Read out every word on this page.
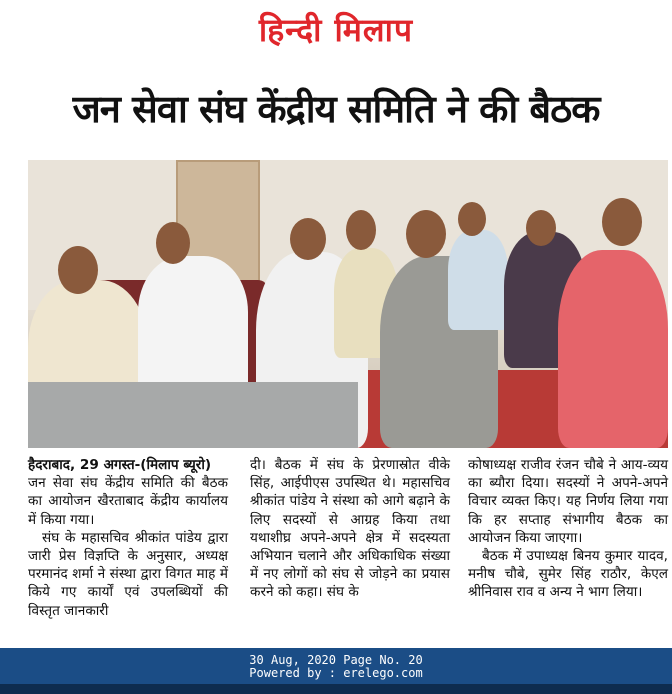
हिन्दी मिलाप
जन सेवा संघ केंद्रीय समिति ने की बैठक

हैदराबाद, 29 अगस्त-(मिलाप ब्यूरो)
जन सेवा संघ केंद्रीय समिति की बैठक का आयोजन खैरताबाद केंद्रीय कार्यालय में किया गया।

संघ के महासचिव श्रीकांत पांडेय द्वारा जारी प्रेस विज्ञप्ति के अनुसार, अध्यक्ष परमानंद शर्मा ने संस्था द्वारा विगत माह में किये गए कार्यों एवं उपलब्धियों की विस्तृत जानकारी

दी। बैठक में संघ के प्रेरणास्रोत वीके सिंह, आईपीएस उपस्थित थे। महासचिव श्रीकांत पांडेय ने संस्था को आगे बढ़ाने के लिए सदस्यों से आग्रह किया तथा यथाशीघ्र अपने-अपने क्षेत्र में सदस्यता अभियान चलाने और अधिकाधिक संख्या में नए लोगों को संघ से जोड़ने का प्रयास करने को कहा। संघ के

कोषाध्यक्ष राजीव रंजन चौबे ने आय-व्यय का ब्यौरा दिया। सदस्यों ने अपने-अपने विचार व्यक्त किए। यह निर्णय लिया गया कि हर सप्ताह संभागीय बैठक का आयोजन किया जाएगा।

बैठक में उपाध्यक्ष बिनय कुमार यादव, मनीष चौबे, सुमेर सिंह राठौर, केएल श्रीनिवास राव व अन्य ने भाग लिया।

30 Aug, 2020 Page No. 20
Powered by : erelego.com
